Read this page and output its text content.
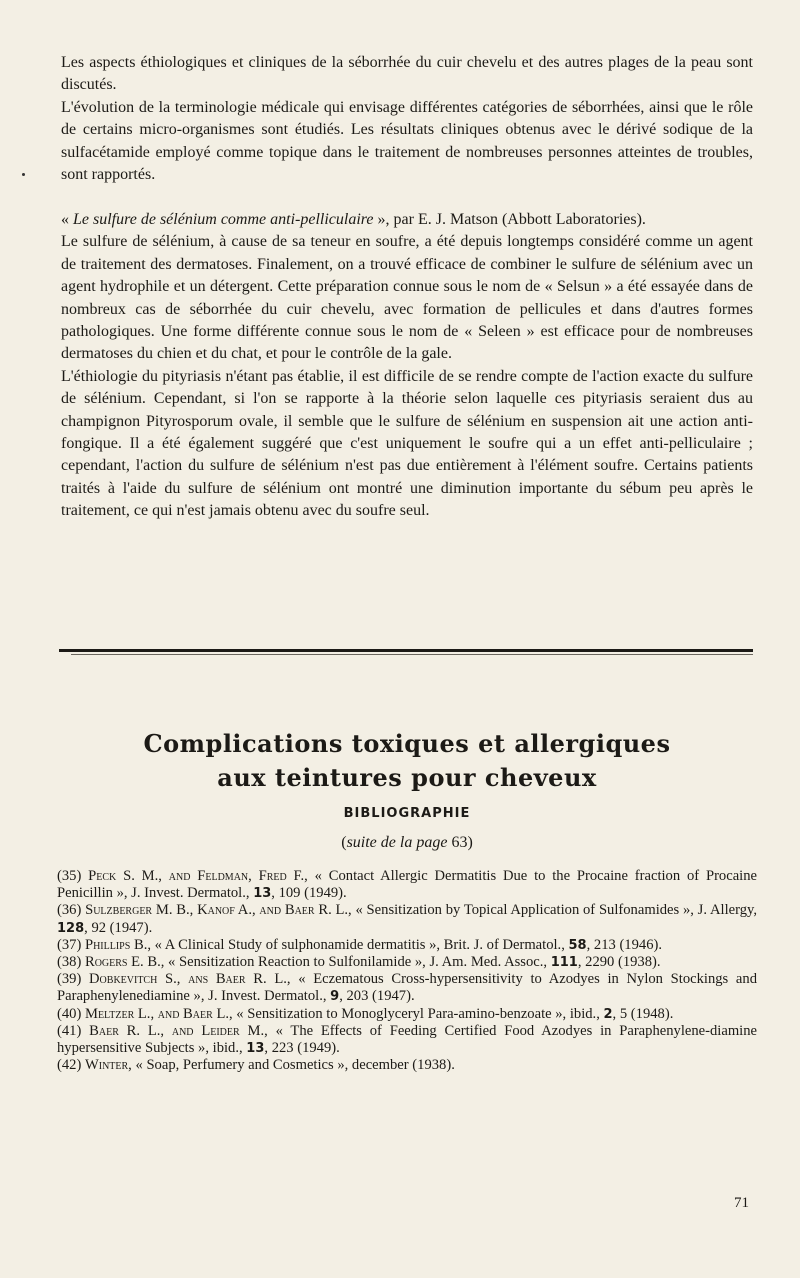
Les aspects éthiologiques et cliniques de la séborrhée du cuir chevelu et des autres plages de la peau sont discutés.

L'évolution de la terminologie médicale qui envisage différentes catégories de séborrhées, ainsi que le rôle de certains micro-organismes sont étudiés. Les résultats cliniques obtenus avec le dérivé sodique de la sulfacétamide employé comme topique dans le traitement de nombreuses personnes atteintes de troubles, sont rapportés.

« Le sulfure de sélénium comme anti-pelliculaire », par E. J. Matson (Abbott Laboratories).

Le sulfure de sélénium, à cause de sa teneur en soufre, a été depuis longtemps considéré comme un agent de traitement des dermatoses. Finalement, on a trouvé efficace de combiner le sulfure de sélénium avec un agent hydrophile et un détergent. Cette préparation connue sous le nom de « Selsun » a été essayée dans de nombreux cas de séborrhée du cuir chevelu, avec formation de pellicules et dans d'autres formes pathologiques. Une forme différente connue sous le nom de « Seleen » est efficace pour de nombreuses dermatoses du chien et du chat, et pour le contrôle de la gale.

L'éthiologie du pityriasis n'étant pas établie, il est difficile de se rendre compte de l'action exacte du sulfure de sélénium. Cependant, si l'on se rapporte à la théorie selon laquelle ces pityriasis seraient dus au champignon Pityrosporum ovale, il semble que le sulfure de sélénium en suspension ait une action anti-fongique. Il a été également suggéré que c'est uniquement le soufre qui a un effet anti-pelliculaire ; cependant, l'action du sulfure de sélénium n'est pas due entièrement à l'élément soufre. Certains patients traités à l'aide du sulfure de sélénium ont montré une diminution importante du sébum peu après le traitement, ce qui n'est jamais obtenu avec du soufre seul.

Complications toxiques et allergiques
aux teintures pour cheveux
BIBLIOGRAPHIE
(suite de la page 63)

(35) Peck S. M., and Feldman, Fred F., « Contact Allergic Dermatitis Due to the Procaine fraction of Procaine Penicillin », J. Invest. Dermatol., 13, 109 (1949).

(36) Sulzberger M. B., Kanof A., and Baer R. L., « Sensitization by Topical Application of Sulfonamides », J. Allergy, 128, 92 (1947).

(37) Phillips B., « A Clinical Study of sulphonamide dermatitis », Brit. J. of Dermatol., 58, 213 (1946).

(38) Rogers E. B., « Sensitization Reaction to Sulfonilamide », J. Am. Med. Assoc., 111, 2290 (1938).

(39) Dobkevitch S., ans Baer R. L., « Eczematous Cross-hypersensitivity to Azodyes in Nylon Stockings and Paraphenylenediamine », J. Invest. Dermatol., 9, 203 (1947).

(40) Meltzer L., and Baer L., « Sensitization to Monoglyceryl Para-amino-benzoate », ibid., 2, 5 (1948).

(41) Baer R. L., and Leider M., « The Effects of Feeding Certified Food Azodyes in Paraphenylene-diamine hypersensitive Subjects », ibid., 13, 223 (1949).

(42) Winter, « Soap, Perfumery and Cosmetics », december (1938).

71
